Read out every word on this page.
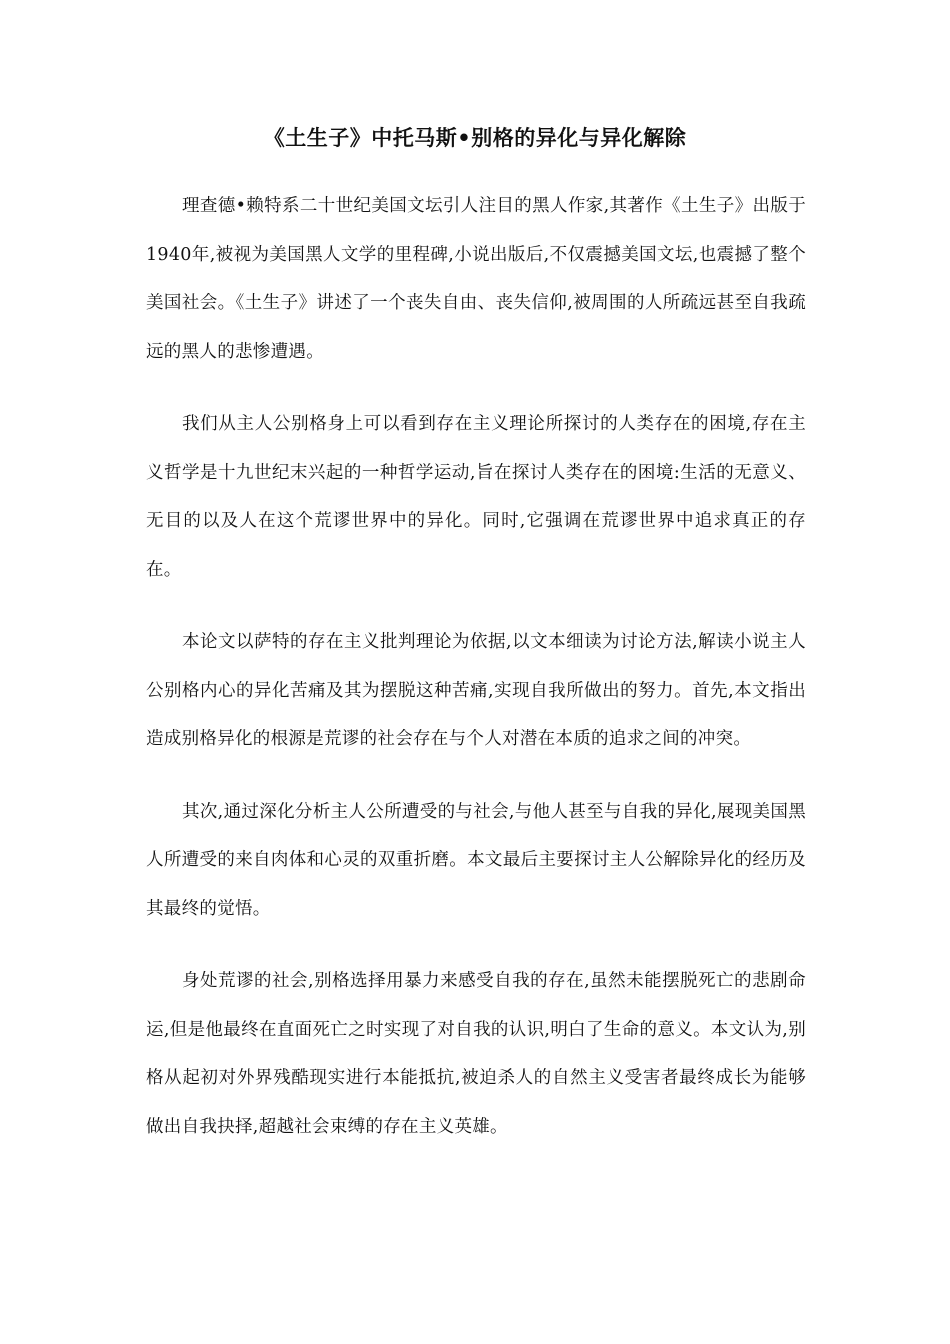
《土生子》中托马斯•别格的异化与异化解除

理查德•赖特系二十世纪美国文坛引人注目的黑人作家,其著作《土生子》出版于1940年,被视为美国黑人文学的里程碑,小说出版后,不仅震撼美国文坛,也震撼了整个美国社会。《土生子》讲述了一个丧失自由、丧失信仰,被周围的人所疏远甚至自我疏远的黑人的悲惨遭遇。

我们从主人公别格身上可以看到存在主义理论所探讨的人类存在的困境,存在主义哲学是十九世纪末兴起的一种哲学运动,旨在探讨人类存在的困境:生活的无意义、无目的以及人在这个荒谬世界中的异化。同时,它强调在荒谬世界中追求真正的存在。

本论文以萨特的存在主义批判理论为依据,以文本细读为讨论方法,解读小说主人公别格内心的异化苦痛及其为摆脱这种苦痛,实现自我所做出的努力。首先,本文指出造成别格异化的根源是荒谬的社会存在与个人对潜在本质的追求之间的冲突。

其次,通过深化分析主人公所遭受的与社会,与他人甚至与自我的异化,展现美国黑人所遭受的来自肉体和心灵的双重折磨。本文最后主要探讨主人公解除异化的经历及其最终的觉悟。

身处荒谬的社会,别格选择用暴力来感受自我的存在,虽然未能摆脱死亡的悲剧命运,但是他最终在直面死亡之时实现了对自我的认识,明白了生命的意义。本文认为,别格从起初对外界残酷现实进行本能抵抗,被迫杀人的自然主义受害者最终成长为能够做出自我抉择,超越社会束缚的存在主义英雄。
